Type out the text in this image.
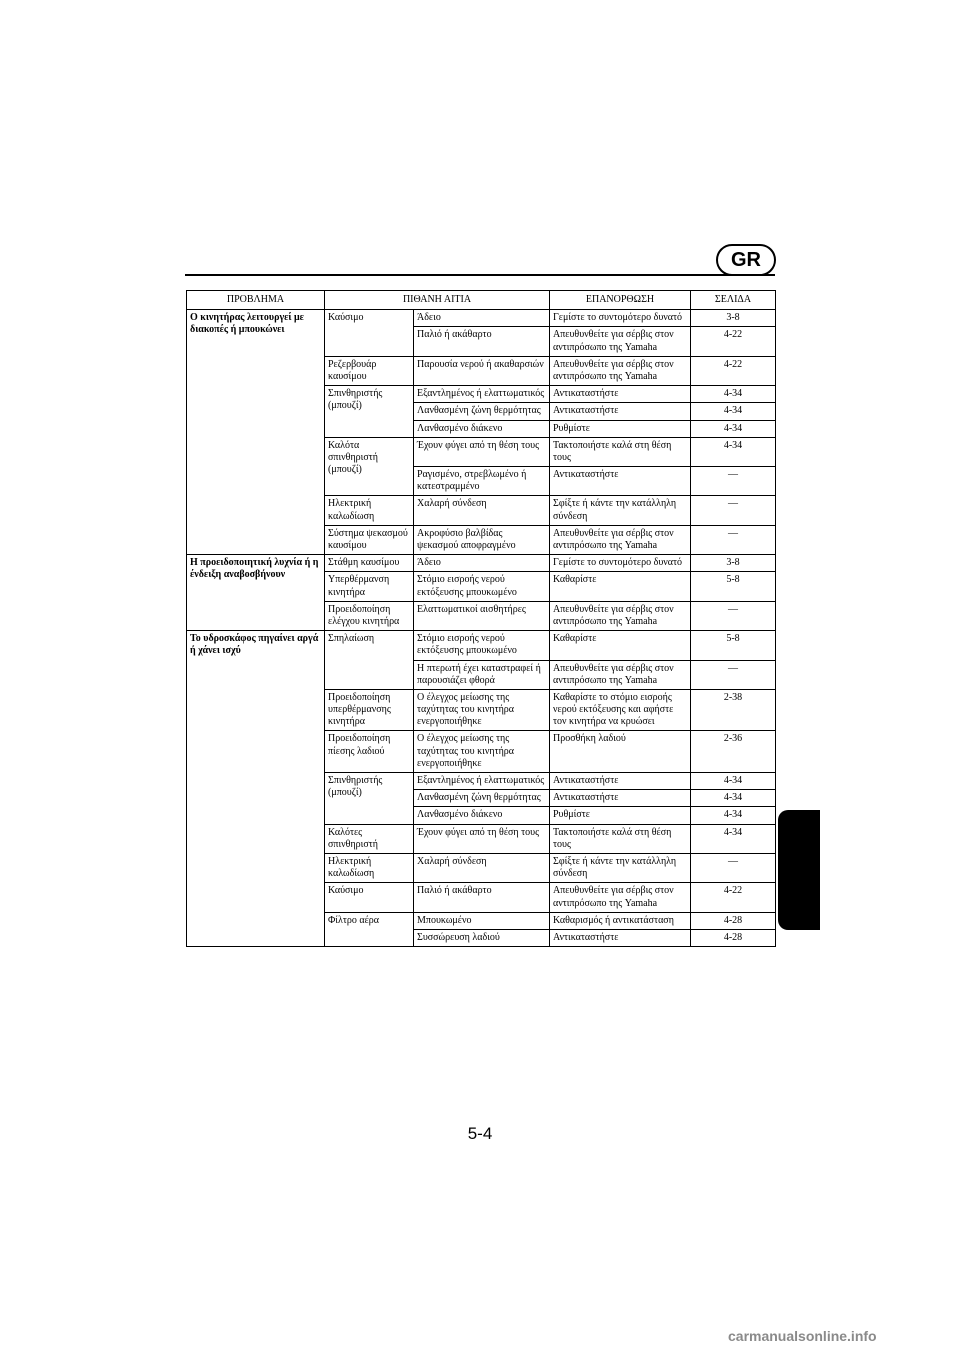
GR
ΠΡΟΒΛΗΜΑ	ΠΙΘΑΝΗ ΑΙΤΙΑ		ΕΠΑΝΟΡΘΩΣΗ	ΣΕΛΙΔΑ
Ο κινητήρας λειτουργεί με διακοπές ή μπουκώνει	Καύσιμο	Άδειο	Γεμίστε το συντομότερο δυνατό	3-8
		Παλιό ή ακάθαρτο	Απευθυνθείτε για σέρβις στον αντιπρόσωπο της Yamaha	4-22
	Ρεζερβουάρ καυσίμου	Παρουσία νερού ή ακαθαρσιών	Απευθυνθείτε για σέρβις στον αντιπρόσωπο της Yamaha	4-22
	Σπινθηριστής (μπουζί)	Εξαντλημένος ή ελαττωματικός	Αντικαταστήστε	4-34
		Λανθασμένη ζώνη θερμότητας	Αντικαταστήστε	4-34
		Λανθασμένο διάκενο	Ρυθμίστε	4-34
	Καλότα σπινθηριστή (μπουζί)	Έχουν φύγει από τη θέση τους	Τακτοποιήστε καλά στη θέση τους	4-34
		Ραγισμένο, στρεβλωμένο ή κατεστραμμένο	Αντικαταστήστε	—
	Ηλεκτρική καλωδίωση	Χαλαρή σύνδεση	Σφίξτε ή κάντε την κατάλληλη σύνδεση	—
	Σύστημα ψεκασμού καυσίμου	Ακροφύσιο βαλβίδας ψεκασμού αποφραγμένο	Απευθυνθείτε για σέρβις στον αντιπρόσωπο της Yamaha	—
Η προειδοποιητική λυχνία ή η ένδειξη αναβοσβήνουν	Στάθμη καυσίμου	Άδειο	Γεμίστε το συντομότερο δυνατό	3-8
	Υπερθέρμανση κινητήρα	Στόμιο εισροής νερού εκτόξευσης μπουκωμένο	Καθαρίστε	5-8
	Προειδοποίηση ελέγχου κινητήρα	Ελαττωματικοί αισθητήρες	Απευθυνθείτε για σέρβις στον αντιπρόσωπο της Yamaha	—
Το υδροσκάφος πηγαίνει αργά ή χάνει ισχύ	Σπηλαίωση	Στόμιο εισροής νερού εκτόξευσης μπουκωμένο	Καθαρίστε	5-8
		Η πτερωτή έχει καταστραφεί ή παρουσιάζει φθορά	Απευθυνθείτε για σέρβις στον αντιπρόσωπο της Yamaha	—
	Προειδοποίηση υπερθέρμανσης κινητήρα	Ο έλεγχος μείωσης της ταχύτητας του κινητήρα ενεργοποιήθηκε	Καθαρίστε το στόμιο εισροής νερού εκτόξευσης και αφήστε τον κινητήρα να κρυώσει	2-38
	Προειδοποίηση πίεσης λαδιού	Ο έλεγχος μείωσης της ταχύτητας του κινητήρα ενεργοποιήθηκε	Προσθήκη λαδιού	2-36
	Σπινθηριστής (μπουζί)	Εξαντλημένος ή ελαττωματικός	Αντικαταστήστε	4-34
		Λανθασμένη ζώνη θερμότητας	Αντικαταστήστε	4-34
		Λανθασμένο διάκενο	Ρυθμίστε	4-34
	Καλότες σπινθηριστή	Έχουν φύγει από τη θέση τους	Τακτοποιήστε καλά στη θέση τους	4-34
	Ηλεκτρική καλωδίωση	Χαλαρή σύνδεση	Σφίξτε ή κάντε την κατάλληλη σύνδεση	—
	Καύσιμο	Παλιό ή ακάθαρτο	Απευθυνθείτε για σέρβις στον αντιπρόσωπο της Yamaha	4-22
	Φίλτρο αέρα	Μπουκωμένο	Καθαρισμός ή αντικατάσταση	4-28
		Συσσώρευση λαδιού	Αντικαταστήστε	4-28
5-4
carmanualsonline.info
